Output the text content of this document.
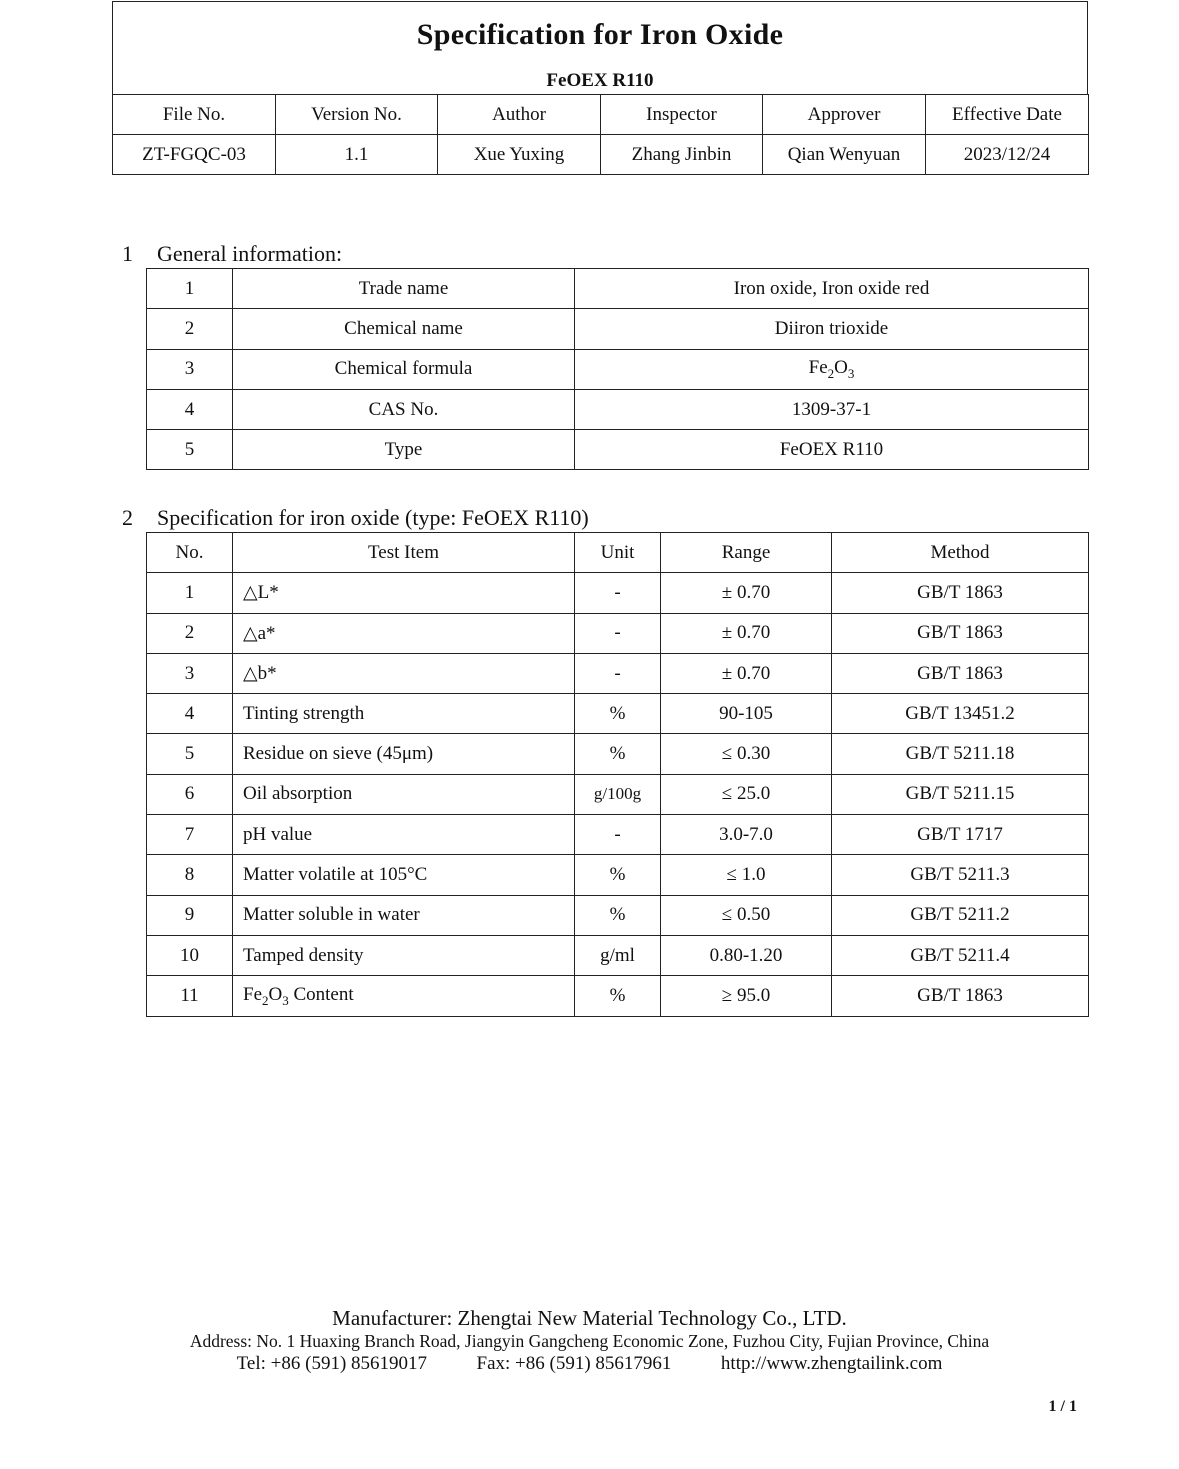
Specification for Iron Oxide
FeOEX R110
File No.	Version No.	Author	Inspector	Approver	Effective Date
ZT-FGQC-03	1.1	Xue Yuxing	Zhang Jinbin	Qian Wenyuan	2023/12/24
1 General information:
1	Trade name	Iron oxide, Iron oxide red
2	Chemical name	Diiron trioxide
3	Chemical formula	$Fe_2O_3$
4	CAS No.	1309-37-1
5	Type	FeOEX R110
2 Specification for iron oxide (type: FeOEX R110)
No.	Test Item	Unit	Range	Method
1	△L*	-	± 0.70	GB/T 1863
2	△a*	-	± 0.70	GB/T 1863
3	△b*	-	± 0.70	GB/T 1863
4	Tinting strength	%	90-105	GB/T 13451.2
5	Residue on sieve (45μm)	%	≤ 0.30	GB/T 5211.18
6	Oil absorption	g/100g	≤ 25.0	GB/T 5211.15
7	pH value	-	3.0-7.0	GB/T 1717
8	Matter volatile at 105°C	%	≤ 1.0	GB/T 5211.3
9	Matter soluble in water	%	≤ 0.50	GB/T 5211.2
10	Tamped density	g/ml	0.80-1.20	GB/T 5211.4
11	$Fe_2O_3$ Content	%	≥ 95.0	GB/T 1863
Manufacturer: Zhengtai New Material Technology Co., LTD.
Address: No. 1 Huaxing Branch Road, Jiangyin Gangcheng Economic Zone, Fuzhou City, Fujian Province, China
Tel: +86 (591) 85619017	Fax: +86 (591) 85617961	http://www.zhengtailink.com
1 / 1
